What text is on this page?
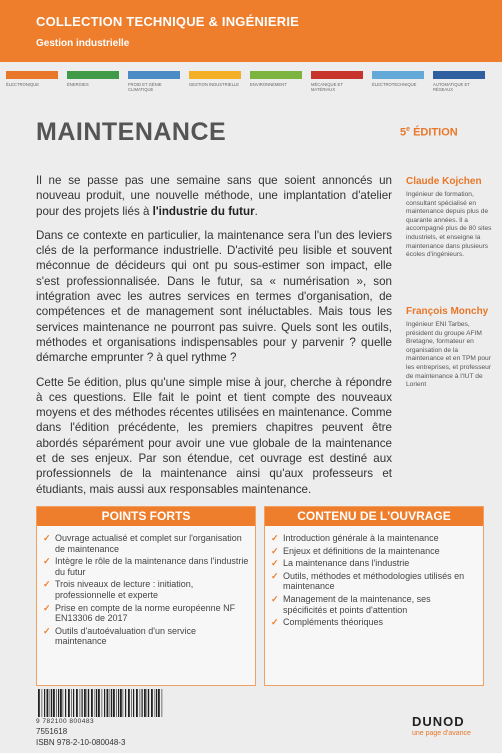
COLLECTION TECHNIQUE & INGÉNIERIE
Gestion industrielle
ÉLECTRONIQUE	ÉNERGIES	FROID ET GÉNIE CLIMATIQUE
GESTION INDUSTRIELLE	ENVIRONNEMENT	MÉCANIQUE ET MATÉRIAUX
ÉLECTROTECHNIQUE	AUTOMATIQUE ET RÉSEAUX
MAINTENANCE	5e ÉDITION

Il ne se passe pas une semaine sans que soient annoncés un nouveau produit, une nouvelle méthode, une implantation d'atelier pour des projets liés à l'industrie du futur.

Dans ce contexte en particulier, la maintenance sera l'un des leviers clés de la performance industrielle. D'activité peu lisible et souvent méconnue de décideurs qui ont pu sous-estimer son impact, elle s'est professionnalisée. Dans le futur, sa « numérisation », son intégration avec les autres services en termes d'organisation, de compétences et de management sont inéluctables. Mais tous les services maintenance ne pourront pas suivre. Quels sont les outils, méthodes et organisations indispensables pour y parvenir ? quelle démarche emprunter ? à quel rythme ?

Cette 5e édition, plus qu'une simple mise à jour, cherche à répondre à ces questions. Elle fait le point et tient compte des nouveaux moyens et des méthodes récentes utilisées en maintenance. Comme dans l'édition précédente, les premiers chapitres peuvent être abordés séparément pour avoir une vue globale de la maintenance et de ses enjeux. Par son étendue, cet ouvrage est destiné aux professionnels de la maintenance ainsi qu'aux professeurs et étudiants, mais aussi aux responsables maintenance.

Claude Kojchen
Ingénieur de formation, consultant spécialisé en maintenance depuis plus de quarante années. Il a accompagné plus de 80 sites industriels, et enseigne la maintenance dans plusieurs écoles d'ingénieurs.
François Monchy
Ingénieur ENI Tarbes, président du groupe AFIM Bretagne, formateur en organisation de la maintenance et en TPM pour les entreprises, et professeur de maintenance à l'IUT de Lorient
POINTS FORTS
✓ Ouvrage actualisé et complet sur l'organisation de maintenance
✓ Intègre le rôle de la maintenance dans l'industrie du futur
✓ Trois niveaux de lecture : initiation, professionnelle et experte
✓ Prise en compte de la norme européenne NF EN13306 de 2017
✓ Outils d'autoévaluation d'un service maintenance
CONTENU DE L'OUVRAGE
✓ Introduction générale à la maintenance
✓ Enjeux et définitions de la maintenance
✓ La maintenance dans l'industrie
✓ Outils, méthodes et méthodologies utilisés en maintenance
✓ Management de la maintenance, ses spécificités et points d'attention
✓ Compléments théoriques
9 782100 800483
7551618
ISBN 978-2-10-080048-3
DUNOD
une page d'avance
